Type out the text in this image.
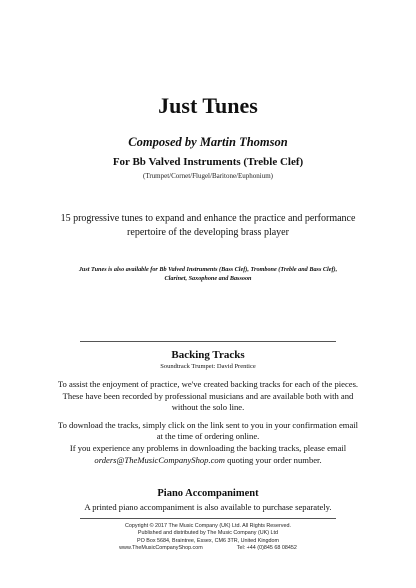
Just Tunes
Composed by Martin Thomson
For Bb Valved Instruments (Treble Clef)
(Trumpet/Cornet/Flugel/Baritone/Euphonium)
15 progressive tunes to expand and enhance the practice and performance repertoire of the developing brass player
Just Tunes is also available for Bb Valved Instruments (Bass Clef), Trombone (Treble and Bass Clef), Clarinet, Saxophone and Bassoon
Backing Tracks
Soundtrack Trumpet: David Prentice

To assist the enjoyment of practice, we've created backing tracks for each of the pieces. These have been recorded by professional musicians and are available both with and without the solo line.

To download the tracks, simply click on the link sent to you in your confirmation email at the time of ordering online.

If you experience any problems in downloading the backing tracks, please email orders@TheMusicCompanyShop.com quoting your order number.

Piano Accompaniment
A printed piano accompaniment is also available to purchase separately.
Copyright © 2017 The Music Company (UK) Ltd. All Rights Reserved.
Published and distributed by The Music Company (UK) Ltd
PO Box 5684, Braintree, Essex, CM6 3TR, United Kingdom
www.TheMusicCompanyShop.com	Tel: +44 (0)845 68 08452
